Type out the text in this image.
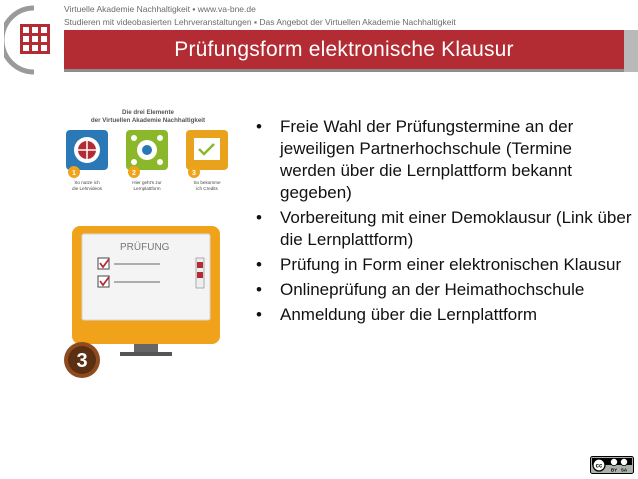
Virtuelle Akademie Nachhaltigkeit ▪ www.va-bne.de
Studieren mit videobasierten Lehrveranstaltungen ▪ Das Angebot der Virtuellen Akademie Nachhaltigkeit
Prüfungsform elektronische Klausur
Die drei Elemente
der Virtuellen Akademie Nachhaltigkeit
1	2	3
So nutze ich
die Lehrvideos
Hier geht's zur
Lernplattform
So bekomme
ich Credits
PRÜFUNG
3
• Freie Wahl der Prüfungstermine an der jeweiligen Partnerhochschule (Termine werden über die Lernplattform bekannt gegeben)
• Vorbereitung mit einer Demoklausur (Link über die Lernplattform)
• Prüfung in Form einer elektronischen Klausur
• Onlineprüfung an der Heimathochschule
• Anmeldung über die Lernplattform
cc
BY SA
